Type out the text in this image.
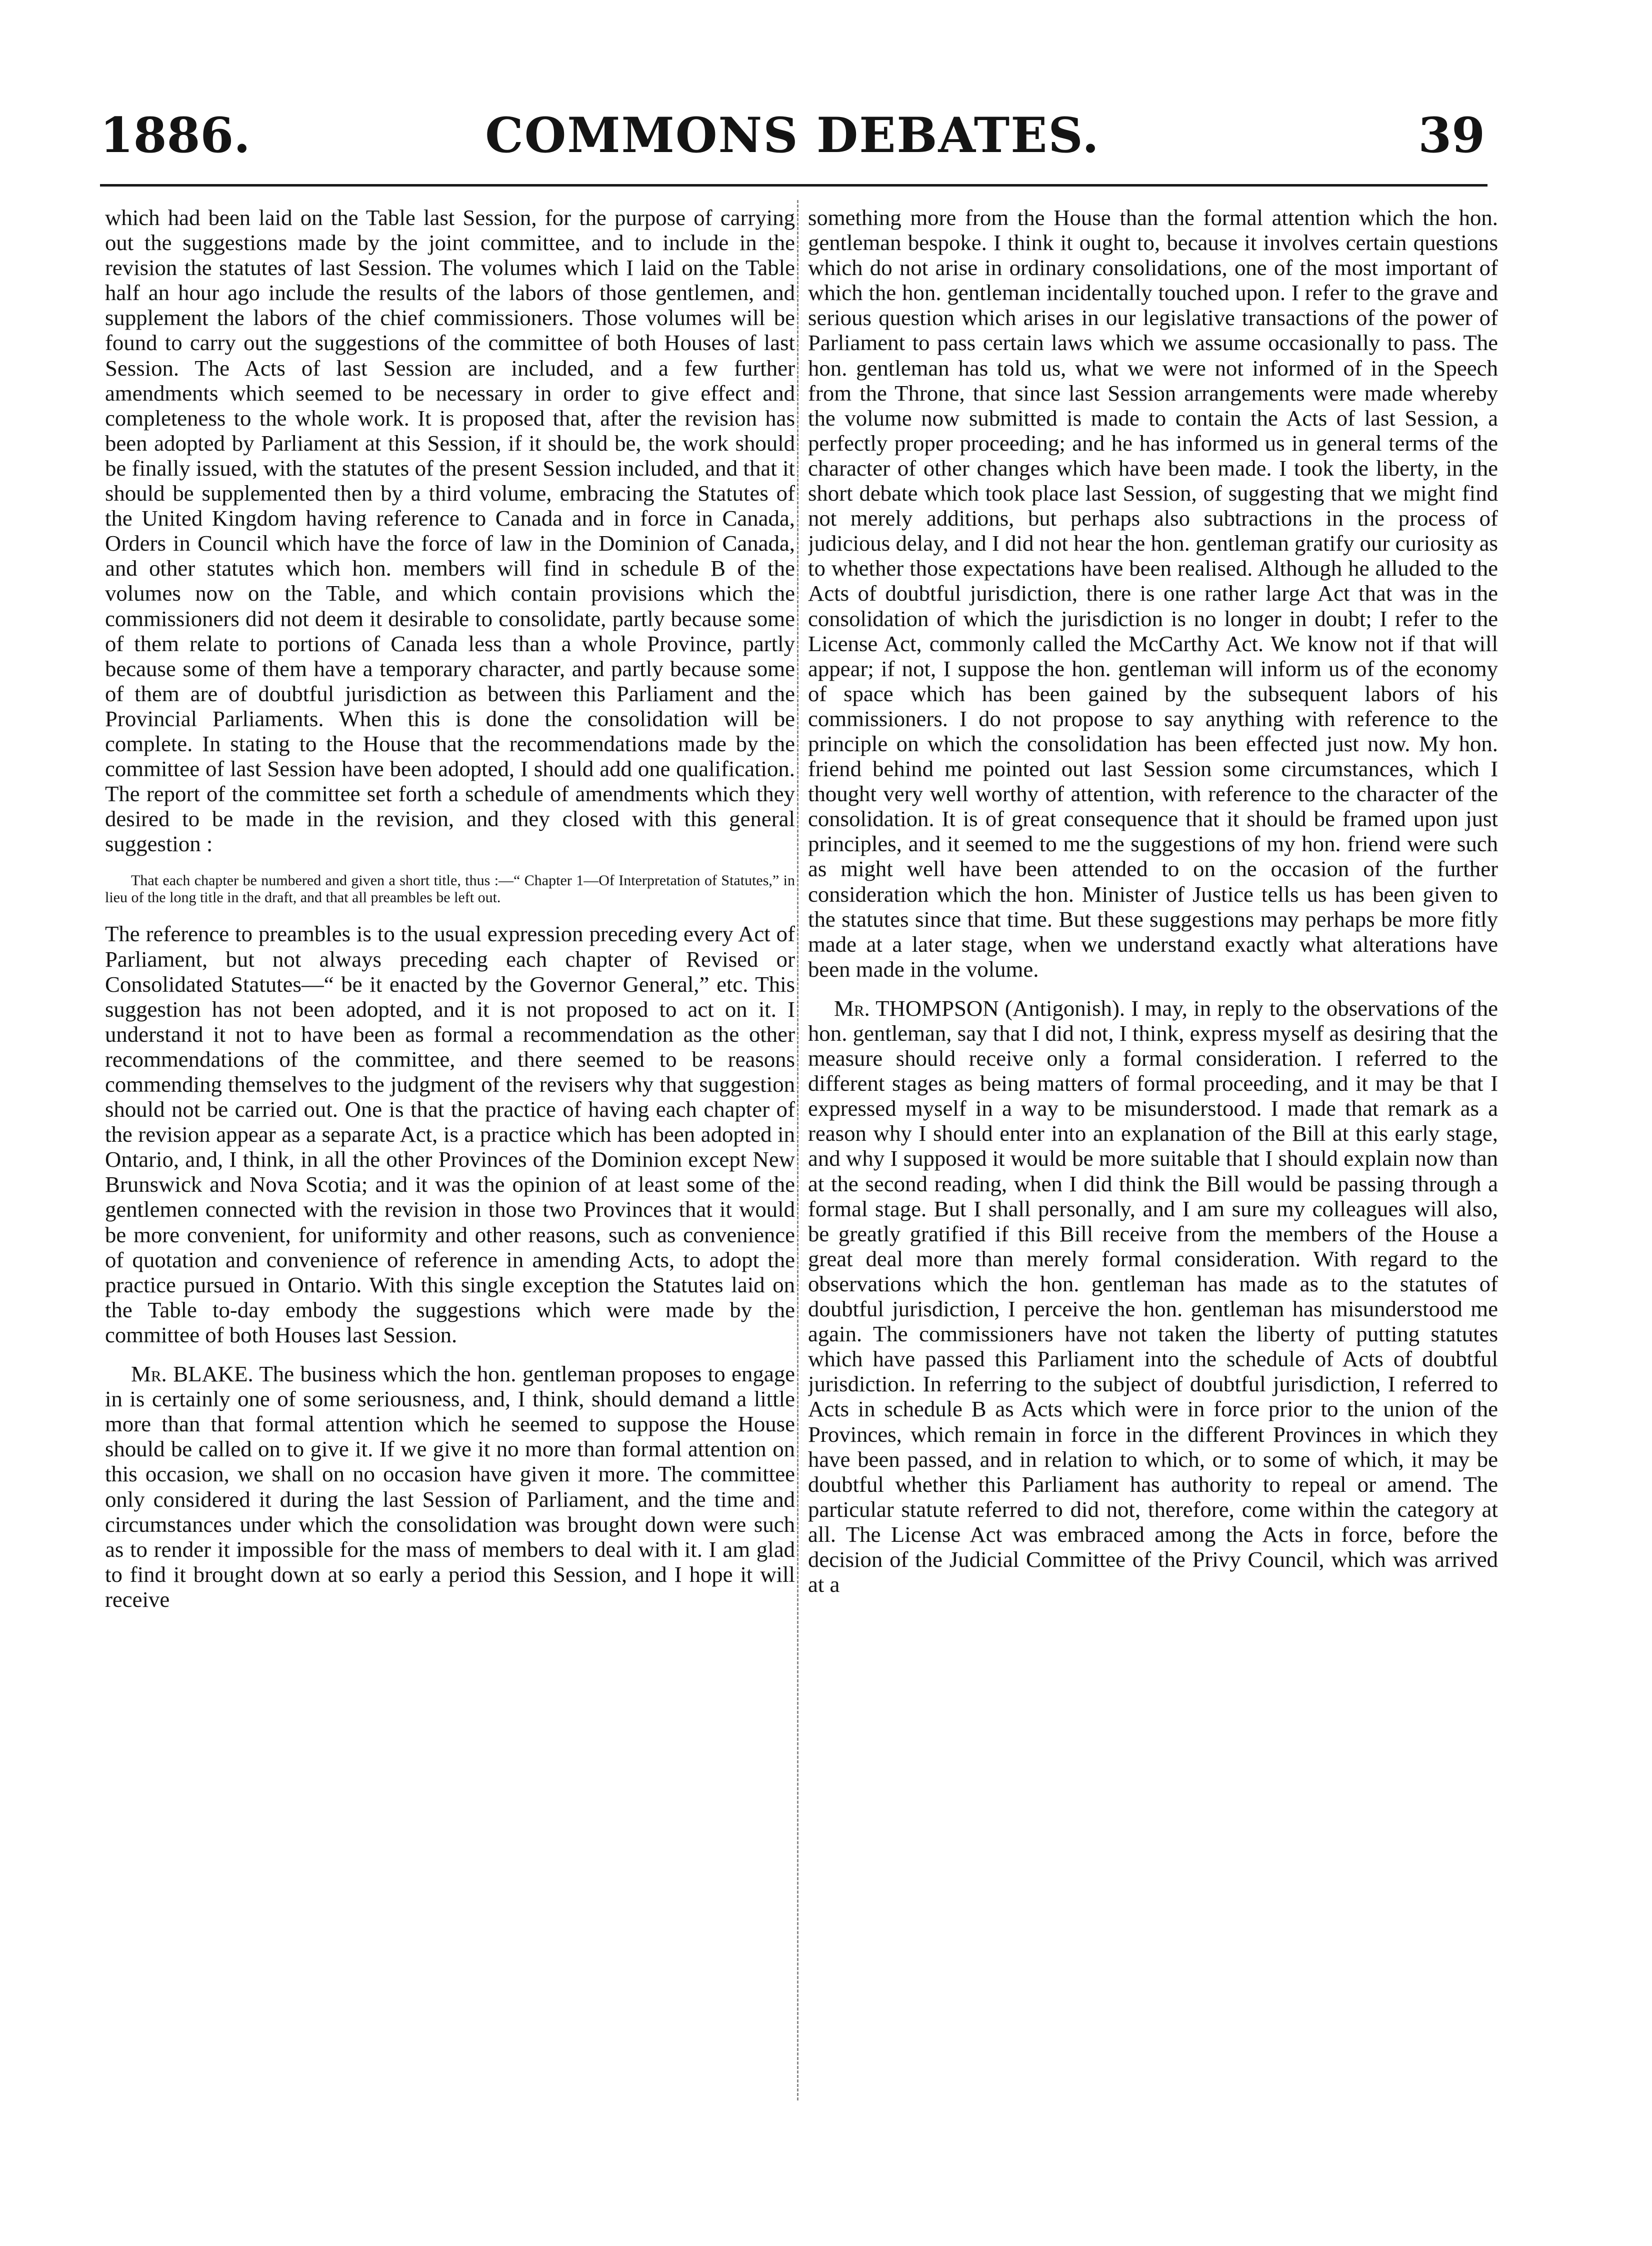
1886.	COMMONS DEBATES.	39

which had been laid on the Table last Session, for the purpose of carrying out the suggestions made by the joint committee, and to include in the revision the statutes of last Session. The volumes which I laid on the Table half an hour ago include the results of the labors of those gentlemen, and supplement the labors of the chief commissioners. Those volumes will be found to carry out the suggestions of the committee of both Houses of last Session. The Acts of last Session are included, and a few further amendments which seemed to be necessary in order to give effect and completeness to the whole work. It is proposed that, after the revision has been adopted by Parliament at this Session, if it should be, the work should be finally issued, with the statutes of the present Session included, and that it should be supplemented then by a third volume, embracing the Statutes of the United Kingdom having reference to Canada and in force in Canada, Orders in Council which have the force of law in the Dominion of Canada, and other statutes which hon. members will find in schedule B of the volumes now on the Table, and which contain provisions which the commissioners did not deem it desirable to consolidate, partly because some of them relate to portions of Canada less than a whole Province, partly because some of them have a temporary character, and partly because some of them are of doubtful jurisdiction as between this Parliament and the Provincial Parliaments. When this is done the consolidation will be complete. In stating to the House that the recommendations made by the committee of last Session have been adopted, I should add one qualification. The report of the committee set forth a schedule of amendments which they desired to be made in the revision, and they closed with this general suggestion :

That each chapter be numbered and given a short title, thus :—“ Chapter 1—Of Interpretation of Statutes,” in lieu of the long title in the draft, and that all preambles be left out.

The reference to preambles is to the usual expression preceding every Act of Parliament, but not always preceding each chapter of Revised or Consolidated Statutes—“ be it enacted by the Governor General,” etc. This suggestion has not been adopted, and it is not proposed to act on it. I understand it not to have been as formal a recommendation as the other recommendations of the committee, and there seemed to be reasons commending themselves to the judgment of the revisers why that suggestion should not be carried out. One is that the practice of having each chapter of the revision appear as a separate Act, is a practice which has been adopted in Ontario, and, I think, in all the other Provinces of the Dominion except New Brunswick and Nova Scotia; and it was the opinion of at least some of the gentlemen connected with the revision in those two Provinces that it would be more convenient, for uniformity and other reasons, such as convenience of quotation and convenience of reference in amending Acts, to adopt the practice pursued in Ontario. With this single exception the Statutes laid on the Table to-day embody the suggestions which were made by the committee of both Houses last Session.

Mr. BLAKE. The business which the hon. gentleman proposes to engage in is certainly one of some seriousness, and, I think, should demand a little more than that formal attention which he seemed to suppose the House should be called on to give it. If we give it no more than formal attention on this occasion, we shall on no occasion have given it more. The committee only considered it during the last Session of Parliament, and the time and circumstances under which the consolidation was brought down were such as to render it impossible for the mass of members to deal with it. I am glad to find it brought down at so early a period this Session, and I hope it will receive

something more from the House than the formal attention which the hon. gentleman bespoke. I think it ought to, because it involves certain questions which do not arise in ordinary consolidations, one of the most important of which the hon. gentleman incidentally touched upon. I refer to the grave and serious question which arises in our legislative transactions of the power of Parliament to pass certain laws which we assume occasionally to pass. The hon. gentleman has told us, what we were not informed of in the Speech from the Throne, that since last Session arrangements were made whereby the volume now submitted is made to contain the Acts of last Session, a perfectly proper proceeding; and he has informed us in general terms of the character of other changes which have been made. I took the liberty, in the short debate which took place last Session, of suggesting that we might find not merely additions, but perhaps also subtractions in the process of judicious delay, and I did not hear the hon. gentleman gratify our curiosity as to whether those expectations have been realised. Although he alluded to the Acts of doubtful jurisdiction, there is one rather large Act that was in the consolidation of which the jurisdiction is no longer in doubt; I refer to the License Act, commonly called the McCarthy Act. We know not if that will appear; if not, I suppose the hon. gentleman will inform us of the economy of space which has been gained by the subsequent labors of his commissioners. I do not propose to say anything with reference to the principle on which the consolidation has been effected just now. My hon. friend behind me pointed out last Session some circumstances, which I thought very well worthy of attention, with reference to the character of the consolidation. It is of great consequence that it should be framed upon just principles, and it seemed to me the suggestions of my hon. friend were such as might well have been attended to on the occasion of the further consideration which the hon. Minister of Justice tells us has been given to the statutes since that time. But these suggestions may perhaps be more fitly made at a later stage, when we understand exactly what alterations have been made in the volume.

Mr. THOMPSON (Antigonish). I may, in reply to the observations of the hon. gentleman, say that I did not, I think, express myself as desiring that the measure should receive only a formal consideration. I referred to the different stages as being matters of formal proceeding, and it may be that I expressed myself in a way to be misunderstood. I made that remark as a reason why I should enter into an explanation of the Bill at this early stage, and why I supposed it would be more suitable that I should explain now than at the second reading, when I did think the Bill would be passing through a formal stage. But I shall personally, and I am sure my colleagues will also, be greatly gratified if this Bill receive from the members of the House a great deal more than merely formal consideration. With regard to the observations which the hon. gentleman has made as to the statutes of doubtful jurisdiction, I perceive the hon. gentleman has misunderstood me again. The commissioners have not taken the liberty of putting statutes which have passed this Parliament into the schedule of Acts of doubtful jurisdiction. In referring to the subject of doubtful jurisdiction, I referred to Acts in schedule B as Acts which were in force prior to the union of the Provinces, which remain in force in the different Provinces in which they have been passed, and in relation to which, or to some of which, it may be doubtful whether this Parliament has authority to repeal or amend. The particular statute referred to did not, therefore, come within the category at all. The License Act was embraced among the Acts in force, before the decision of the Judicial Committee of the Privy Council, which was arrived at a
